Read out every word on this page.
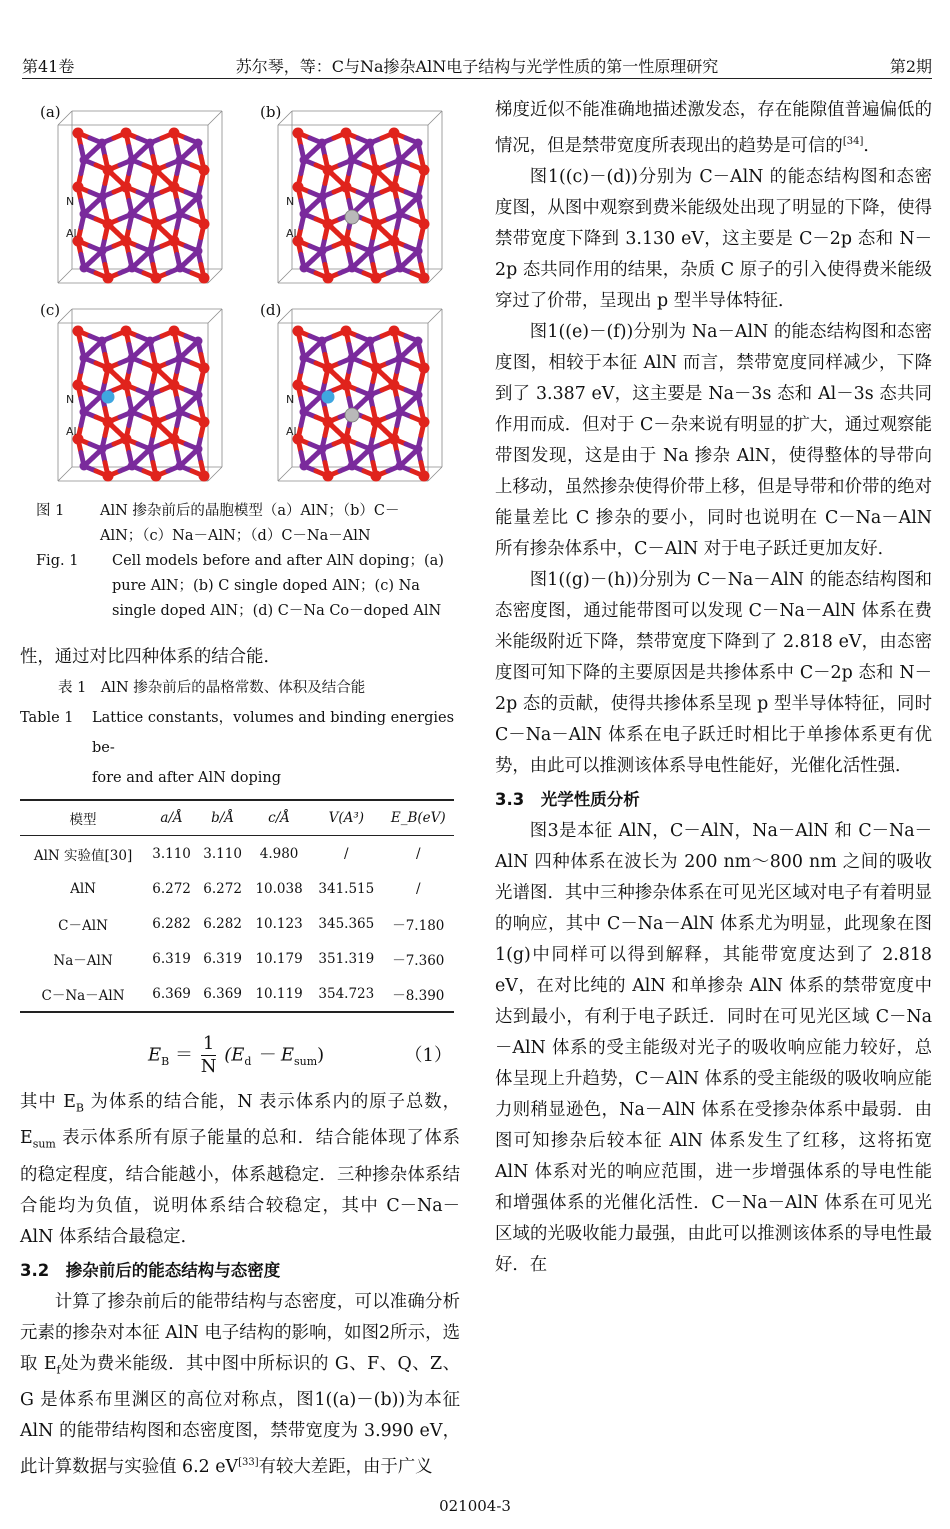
第41卷	苏尔琴，等：C与Na掺杂AlN电子结构与光学性质的第一性原理研究	第2期
(a)
N
Al
(b)
N
Al
(c)
N
Al
(d)
N
Al
图 1	AlN 掺杂前后的晶胞模型（a）AlN；（b）C－
AlN；（c）Na－AlN；（d）C－Na－AlN
Fig. 1	Cell models before and after AlN doping；(a)
pure AlN；(b) C single doped AlN；(c) Na
single doped AlN；(d) C－Na Co－doped AlN

性，通过对比四种体系的结合能．

表 1　AlN 掺杂前后的晶格常数、体积及结合能
Table 1	Lattice constants，volumes and binding energies be-
fore and after AlN doping
模型	a/Å	b/Å	c/Å	V(A³)	E_B(eV)
AlN 实验值[30]	3.110	3.110	4.980	/	/
AlN	6.272	6.272	10.038	341.515	/
C－AlN	6.282	6.282	10.123	345.365	－7.180
Na－AlN	6.319	6.319	10.179	351.319	－7.360
C－Na－AlN	6.369	6.369	10.119	354.723	－8.390
$E_B = \frac{1}{N} (E_d - E_{sum})$	（1）

其中 $E_B$ 为体系的结合能，N 表示体系内的原子总数，$E_{sum}$ 表示体系所有原子能量的总和．结合能体现了体系的稳定程度，结合能越小，体系越稳定．三种掺杂体系结合能均为负值，说明体系结合较稳定，其中 C－Na－AlN 体系结合最稳定．

3.2　掺杂前后的能态结构与态密度

计算了掺杂前后的能带结构与态密度，可以准确分析元素的掺杂对本征 AlN 电子结构的影响，如图2所示，选取 $E_f$处为费米能级．其中图中所标识的 G、F、Q、Z、G 是体系布里渊区的高位对称点，图1((a)－(b))为本征 AlN 的能带结构图和态密度图，禁带宽度为 3.990 eV，此计算数据与实验值 6.2 eV[33]有较大差距，由于广义

梯度近似不能准确地描述激发态，存在能隙值普遍偏低的情况，但是禁带宽度所表现出的趋势是可信的[34]．

图1((c)－(d))分别为 C－AlN 的能态结构图和态密度图，从图中观察到费米能级处出现了明显的下降，使得禁带宽度下降到 3.130 eV，这主要是 C－2p 态和 N－2p 态共同作用的结果，杂质 C 原子的引入使得费米能级穿过了价带，呈现出 p 型半导体特征．

图1((e)－(f))分别为 Na－AlN 的能态结构图和态密度图，相较于本征 AlN 而言，禁带宽度同样减少，下降到了 3.387 eV，这主要是 Na－3s 态和 Al－3s 态共同作用而成．但对于 C－杂来说有明显的扩大，通过观察能带图发现，这是由于 Na 掺杂 AlN，使得整体的导带向上移动，虽然掺杂使得价带上移，但是导带和价带的绝对能量差比 C 掺杂的要小，同时也说明在 C－Na－AlN 所有掺杂体系中，C－AlN 对于电子跃迁更加友好．

图1((g)－(h))分别为 C－Na－AlN 的能态结构图和态密度图，通过能带图可以发现 C－Na－AlN 体系在费米能级附近下降，禁带宽度下降到了 2.818 eV，由态密度图可知下降的主要原因是共掺体系中 C－2p 态和 N－2p 态的贡献，使得共掺体系呈现 p 型半导体特征，同时 C－Na－AlN 体系在电子跃迁时相比于单掺体系更有优势，由此可以推测该体系导电性能好，光催化活性强．

3.3　光学性质分析

图3是本征 AlN，C－AlN，Na－AlN 和 C－Na－AlN 四种体系在波长为 200 nm～800 nm 之间的吸收光谱图．其中三种掺杂体系在可见光区域对电子有着明显的响应，其中 C－Na－AlN 体系尤为明显，此现象在图1(g)中同样可以得到解释，其能带宽度达到了 2.818 eV，在对比纯的 AlN 和单掺杂 AlN 体系的禁带宽度中达到最小，有利于电子跃迁．同时在可见光区域 C－Na－AlN 体系的受主能级对光子的吸收响应能力较好，总体呈现上升趋势，C－AlN 体系的受主能级的吸收响应能力则稍显逊色，Na－AlN 体系在受掺杂体系中最弱．由图可知掺杂后较本征 AlN 体系发生了红移，这将拓宽 AlN 体系对光的响应范围，进一步增强体系的导电性能和增强体系的光催化活性．C－Na－AlN 体系在可见光区域的光吸收能力最强，由此可以推测该体系的导电性最好．在

021004-3
